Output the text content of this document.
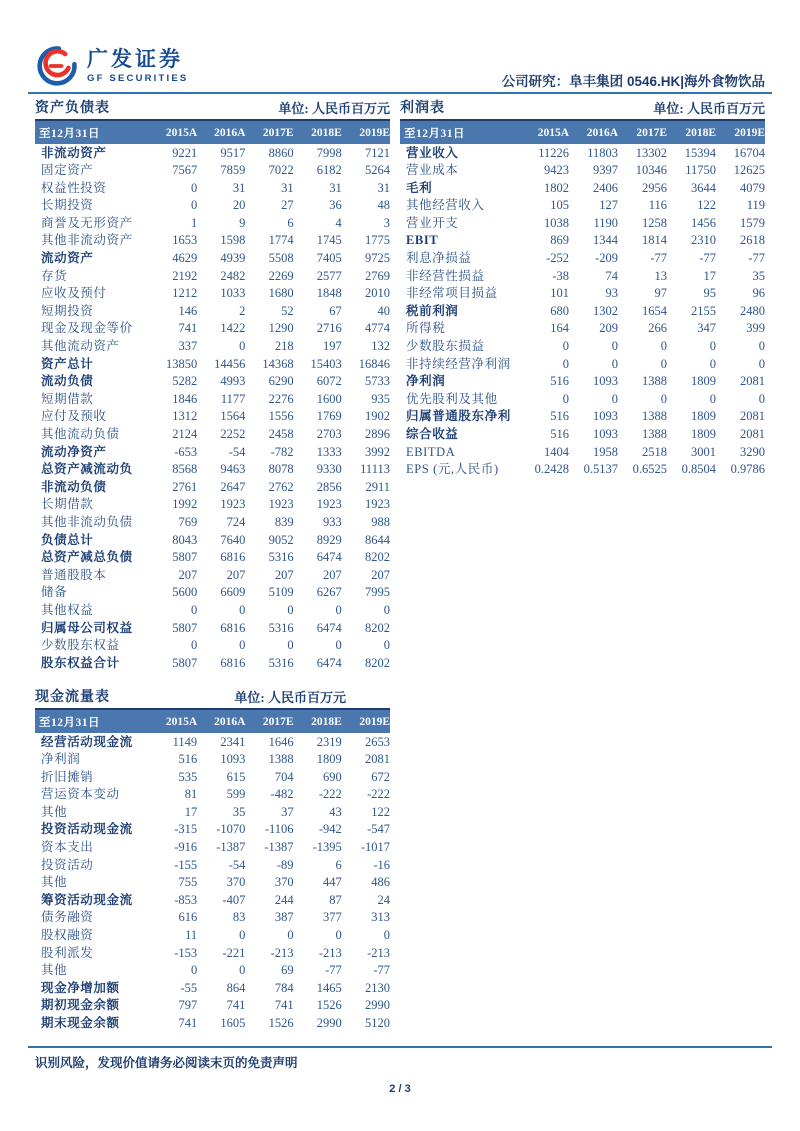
广发证券
GF SECURITIES	公司研究：阜丰集团 0546.HK|海外食物饮品
资产负债表	单位: 人民币百万元
至12月31日	2015A	2016A	2017E	2018E	2019E
非流动资产	9221	9517	8860	7998	7121
固定资产	7567	7859	7022	6182	5264
权益性投资	0	31	31	31	31
长期投资	0	20	27	36	48
商誉及无形资产	1	9	6	4	3
其他非流动资产	1653	1598	1774	1745	1775
流动资产	4629	4939	5508	7405	9725
存货	2192	2482	2269	2577	2769
应收及预付	1212	1033	1680	1848	2010
短期投资	146	2	52	67	40
现金及现金等价	741	1422	1290	2716	4774
其他流动资产	337	0	218	197	132
资产总计	13850	14456	14368	15403	16846
流动负债	5282	4993	6290	6072	5733
短期借款	1846	1177	2276	1600	935
应付及预收	1312	1564	1556	1769	1902
其他流动负债	2124	2252	2458	2703	2896
流动净资产	-653	-54	-782	1333	3992
总资产减流动负	8568	9463	8078	9330	11113
非流动负债	2761	2647	2762	2856	2911
长期借款	1992	1923	1923	1923	1923
其他非流动负债	769	724	839	933	988
负债总计	8043	7640	9052	8929	8644
总资产减总负债	5807	6816	5316	6474	8202
普通股股本	207	207	207	207	207
储备	5600	6609	5109	6267	7995
其他权益	0	0	0	0	0
归属母公司权益	5807	6816	5316	6474	8202
少数股东权益	0	0	0	0	0
股东权益合计	5807	6816	5316	6474	8202
利润表	单位: 人民币百万元
至12月31日	2015A	2016A	2017E	2018E	2019E
营业收入	11226	11803	13302	15394	16704
营业成本	9423	9397	10346	11750	12625
毛利	1802	2406	2956	3644	4079
其他经营收入	105	127	116	122	119
营业开支	1038	1190	1258	1456	1579
EBIT	869	1344	1814	2310	2618
利息净损益	-252	-209	-77	-77	-77
非经营性损益	-38	74	13	17	35
非经常项目损益	101	93	97	95	96
税前利润	680	1302	1654	2155	2480
所得税	164	209	266	347	399
少数股东损益	0	0	0	0	0
非持续经营净利润	0	0	0	0	0
净利润	516	1093	1388	1809	2081
优先股利及其他	0	0	0	0	0
归属普通股东净利	516	1093	1388	1809	2081
综合收益	516	1093	1388	1809	2081
EBITDA	1404	1958	2518	3001	3290
EPS (元,人民币)	0.2428	0.5137	0.6525	0.8504	0.9786
现金流量表	单位: 人民币百万元
至12月31日	2015A	2016A	2017E	2018E	2019E
经营活动现金流	1149	2341	1646	2319	2653
净利润	516	1093	1388	1809	2081
折旧摊销	535	615	704	690	672
营运资本变动	81	599	-482	-222	-222
其他	17	35	37	43	122
投资活动现金流	-315	-1070	-1106	-942	-547
资本支出	-916	-1387	-1387	-1395	-1017
投资活动	-155	-54	-89	6	-16
其他	755	370	370	447	486
筹资活动现金流	-853	-407	244	87	24
债务融资	616	83	387	377	313
股权融资	11	0	0	0	0
股利派发	-153	-221	-213	-213	-213
其他	0	0	69	-77	-77
现金净增加额	-55	864	784	1465	2130
期初现金余额	797	741	741	1526	2990
期末现金余额	741	1605	1526	2990	5120
识别风险，发现价值请务必阅读末页的免责声明
2 / 3
